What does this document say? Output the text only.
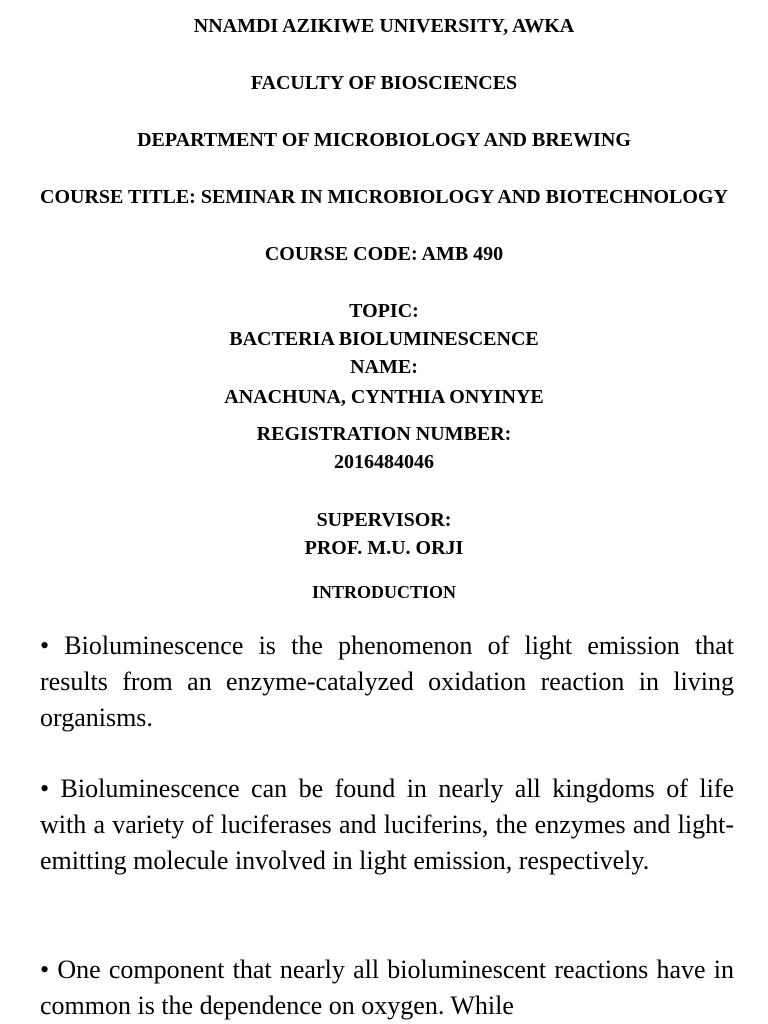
NNAMDI AZIKIWE UNIVERSITY, AWKA

FACULTY OF BIOSCIENCES

DEPARTMENT OF MICROBIOLOGY AND BREWING

COURSE TITLE: SEMINAR IN MICROBIOLOGY AND BIOTECHNOLOGY

COURSE CODE: AMB 490

TOPIC:

BACTERIA BIOLUMINESCENCE

NAME:

ANACHUNA, CYNTHIA ONYINYE

REGISTRATION NUMBER:

2016484046

SUPERVISOR:

PROF. M.U. ORJI

INTRODUCTION

• Bioluminescence is the phenomenon of light emission that results from an enzyme-catalyzed oxidation reaction in living organisms.

• Bioluminescence can be found in nearly all kingdoms of life with a variety of luciferases and luciferins, the enzymes and light-emitting molecule involved in light emission, respectively.

• One component that nearly all bioluminescent reactions have in common is the dependence on oxygen. While
